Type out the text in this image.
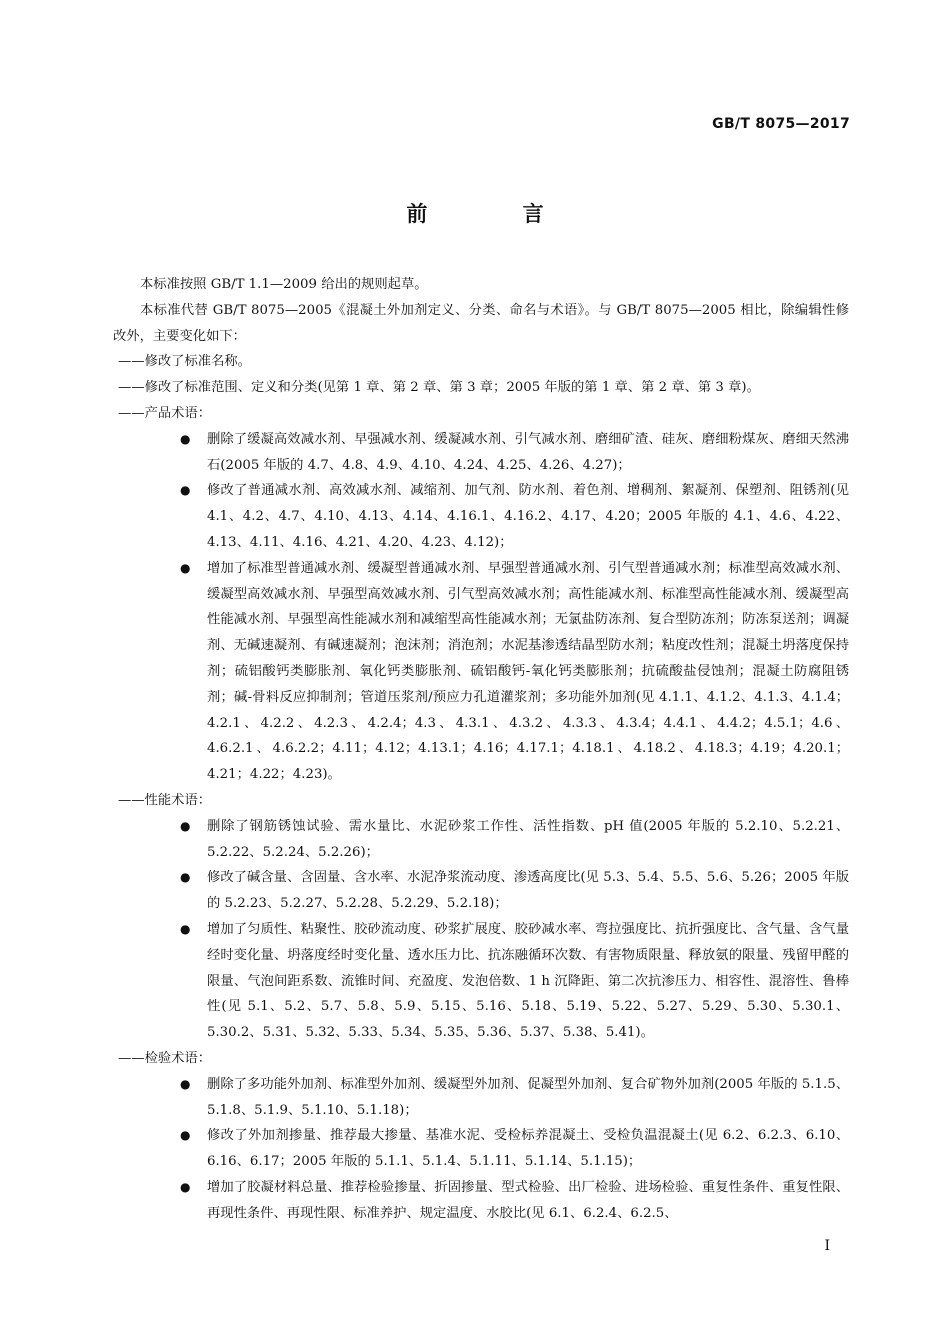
GB/T 8075—2017
前 言

本标准按照 GB/T 1.1—2009 给出的规则起草。

本标准代替 GB/T 8075—2005《混凝土外加剂定义、分类、命名与术语》。与 GB/T 8075—2005 相比，除编辑性修改外，主要变化如下：

——修改了标准名称。

——修改了标准范围、定义和分类(见第 1 章、第 2 章、第 3 章；2005 年版的第 1 章、第 2 章、第 3 章)。

——产品术语：

● 删除了缓凝高效减水剂、早强减水剂、缓凝减水剂、引气减水剂、磨细矿渣、硅灰、磨细粉煤灰、磨细天然沸石(2005 年版的 4.7、4.8、4.9、4.10、4.24、4.25、4.26、4.27)；
● 修改了普通减水剂、高效减水剂、减缩剂、加气剂、防水剂、着色剂、增稠剂、絮凝剂、保塑剂、阻锈剂(见 4.1、4.2、4.7、4.10、4.13、4.14、4.16.1、4.16.2、4.17、4.20；2005 年版的 4.1、4.6、4.22、4.13、4.11、4.16、4.21、4.20、4.23、4.12)；
● 增加了标准型普通减水剂、缓凝型普通减水剂、早强型普通减水剂、引气型普通减水剂；标准型高效减水剂、缓凝型高效减水剂、早强型高效减水剂、引气型高效减水剂；高性能减水剂、标准型高性能减水剂、缓凝型高性能减水剂、早强型高性能减水剂和减缩型高性能减水剂；无氯盐防冻剂、复合型防冻剂；防冻泵送剂；调凝剂、无碱速凝剂、有碱速凝剂；泡沫剂；消泡剂；水泥基渗透结晶型防水剂；粘度改性剂；混凝土坍落度保持剂；硫铝酸钙类膨胀剂、氧化钙类膨胀剂、硫铝酸钙-氧化钙类膨胀剂；抗硫酸盐侵蚀剂；混凝土防腐阻锈剂；碱-骨料反应抑制剂；管道压浆剂/预应力孔道灌浆剂；多功能外加剂(见 4.1.1、4.1.2、4.1.3、4.1.4；4.2.1、4.2.2、4.2.3、4.2.4；4.3、4.3.1、4.3.2、4.3.3、4.3.4；4.4.1、4.4.2；4.5.1；4.6、4.6.2.1、4.6.2.2；4.11；4.12；4.13.1；4.16；4.17.1；4.18.1、4.18.2、4.18.3；4.19；4.20.1；4.21；4.22；4.23)。

——性能术语：

● 删除了钢筋锈蚀试验、需水量比、水泥砂浆工作性、活性指数、pH 值(2005 年版的 5.2.10、5.2.21、5.2.22、5.2.24、5.2.26)；
● 修改了碱含量、含固量、含水率、水泥净浆流动度、渗透高度比(见 5.3、5.4、5.5、5.6、5.26；2005 年版的 5.2.23、5.2.27、5.2.28、5.2.29、5.2.18)；
● 增加了匀质性、粘聚性、胶砂流动度、砂浆扩展度、胶砂减水率、弯拉强度比、抗折强度比、含气量、含气量经时变化量、坍落度经时变化量、透水压力比、抗冻融循环次数、有害物质限量、释放氨的限量、残留甲醛的限量、气泡间距系数、流锥时间、充盈度、发泡倍数、1 h 沉降距、第二次抗渗压力、相容性、混溶性、鲁棒性(见 5.1、5.2、5.7、5.8、5.9、5.15、5.16、5.18、5.19、5.22、5.27、5.29、5.30、5.30.1、5.30.2、5.31、5.32、5.33、5.34、5.35、5.36、5.37、5.38、5.41)。

——检验术语：

● 删除了多功能外加剂、标准型外加剂、缓凝型外加剂、促凝型外加剂、复合矿物外加剂(2005 年版的 5.1.5、5.1.8、5.1.9、5.1.10、5.1.18)；
● 修改了外加剂掺量、推荐最大掺量、基准水泥、受检标养混凝土、受检负温混凝土(见 6.2、6.2.3、6.10、6.16、6.17；2005 年版的 5.1.1、5.1.4、5.1.11、5.1.14、5.1.15)；
● 增加了胶凝材料总量、推荐检验掺量、折固掺量、型式检验、出厂检验、进场检验、重复性条件、重复性限、再现性条件、再现性限、标准养护、规定温度、水胶比(见 6.1、6.2.4、6.2.5、
I
